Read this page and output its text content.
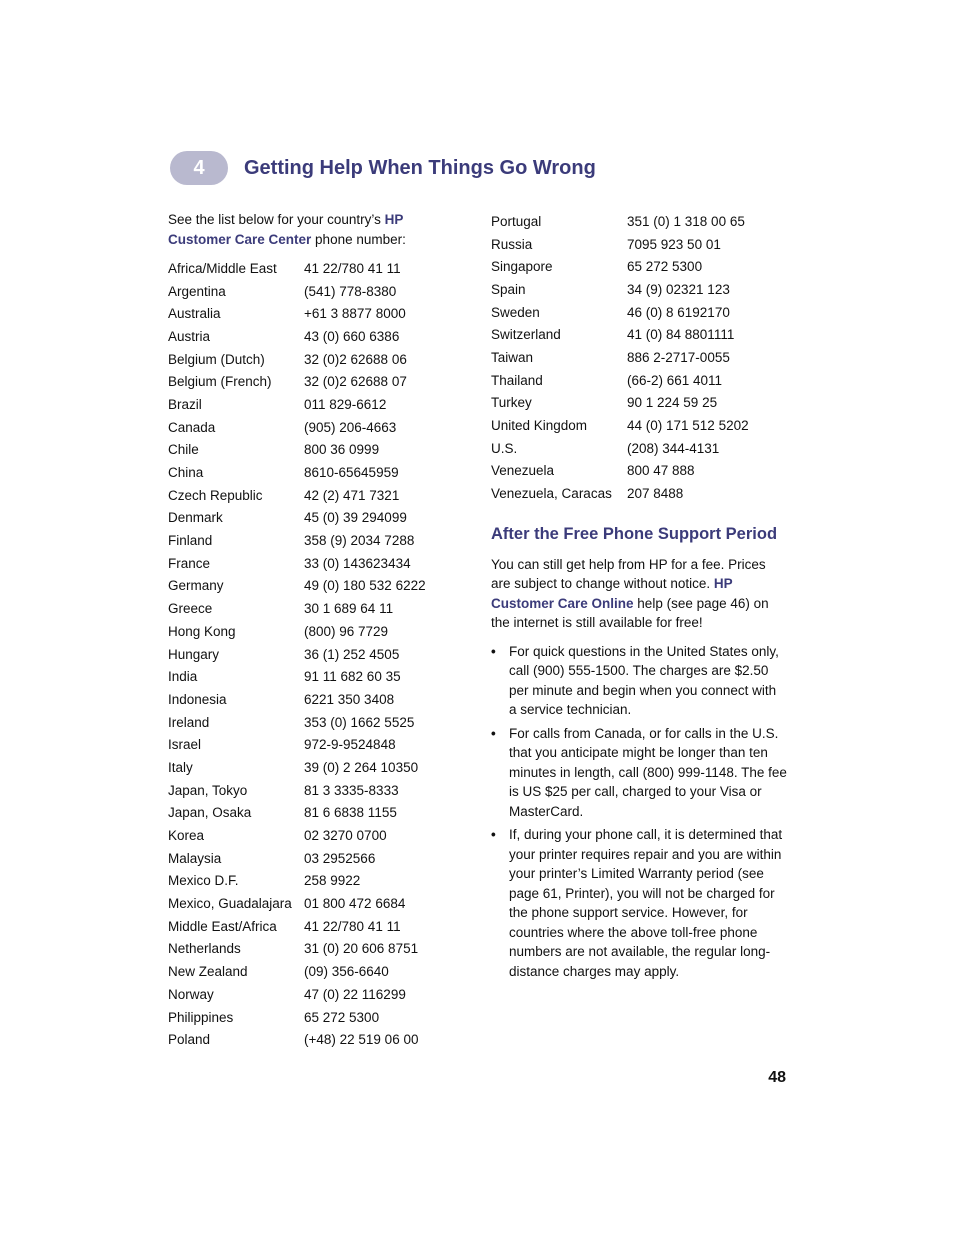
4	Getting Help When Things Go Wrong

See the list below for your country’s HP Customer Care Center phone number:

Africa/Middle East	41 22/780 41 11
Argentina	(541) 778-8380
Australia	+61 3 8877 8000
Austria	43 (0) 660 6386
Belgium (Dutch)	32 (0)2 62688 06
Belgium (French)	32 (0)2 62688 07
Brazil	011 829-6612
Canada	(905) 206-4663
Chile	800 36 0999
China	8610-65645959
Czech Republic	42 (2) 471 7321
Denmark	45 (0) 39 294099
Finland	358 (9) 2034 7288
France	33 (0) 143623434
Germany	49 (0) 180 532 6222
Greece	30 1 689 64 11
Hong Kong	(800) 96 7729
Hungary	36 (1) 252 4505
India	91 11 682 60 35
Indonesia	6221 350 3408
Ireland	353 (0) 1662 5525
Israel	972-9-9524848
Italy	39 (0) 2 264 10350
Japan, Tokyo	81 3 3335-8333
Japan, Osaka	81 6 6838 1155
Korea	02 3270 0700
Malaysia	03 2952566
Mexico D.F.	258 9922
Mexico, Guadalajara 01 800 472 6684
Middle East/Africa	41 22/780 41 11
Netherlands	31 (0) 20 606 8751
New Zealand	(09) 356-6640
Norway	47 (0) 22 116299
Philippines	65 272 5300
Poland	(+48) 22 519 06 00
Portugal	351 (0) 1 318 00 65
Russia	7095 923 50 01
Singapore	65 272 5300
Spain	34 (9) 02321 123
Sweden	46 (0) 8 6192170
Switzerland	41 (0) 84 8801111
Taiwan	886 2-2717-0055
Thailand	(66-2) 661 4011
Turkey	90 1 224 59 25
United Kingdom	44 (0) 171 512 5202
U.S.	(208) 344-4131
Venezuela	800 47 888
Venezuela, Caracas	207 8488
After the Free Phone Support Period

You can still get help from HP for a fee. Prices are subject to change without notice. HP Customer Care Online help (see page 46) on the internet is still available for free!

• For quick questions in the United States only, call (900) 555-1500. The charges are $2.50 per minute and begin when you connect with a service technician.
• For calls from Canada, or for calls in the U.S. that you anticipate might be longer than ten minutes in length, call (800) 999-1148. The fee is US $25 per call, charged to your Visa or MasterCard.
• If, during your phone call, it is determined that your printer requires repair and you are within your printer’s Limited Warranty period (see page 61, Printer), you will not be charged for the phone support service. However, for countries where the above toll-free phone numbers are not available, the regular long-distance charges may apply.
48
